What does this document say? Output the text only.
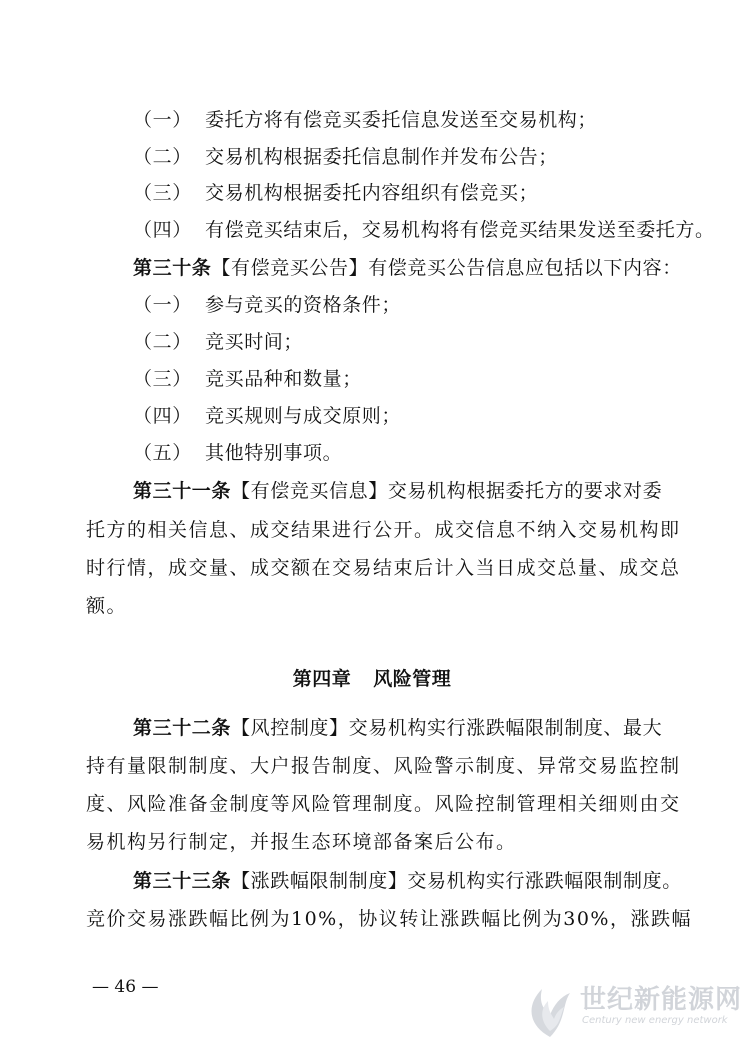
（一） 委托方将有偿竞买委托信息发送至交易机构；
（二） 交易机构根据委托信息制作并发布公告；
（三） 交易机构根据委托内容组织有偿竞买；
（四） 有偿竞买结束后，交易机构将有偿竞买结果发送至委托方。
第三十条【有偿竞买公告】有偿竞买公告信息应包括以下内容：
（一） 参与竞买的资格条件；
（二） 竞买时间；
（三） 竞买品种和数量；
（四） 竞买规则与成交原则；
（五） 其他特别事项。
第三十一条【有偿竞买信息】交易机构根据委托方的要求对委
托方的相关信息、成交结果进行公开。成交信息不纳入交易机构即
时行情，成交量、成交额在交易结束后计入当日成交总量、成交总
额。
第四章 风险管理
第三十二条【风控制度】交易机构实行涨跌幅限制制度、最大
持有量限制制度、大户报告制度、风险警示制度、异常交易监控制
度、风险准备金制度等风险管理制度。风险控制管理相关细则由交
易机构另行制定，并报生态环境部备案后公布。
第三十三条【涨跌幅限制制度】交易机构实行涨跌幅限制制度。
竞价交易涨跌幅比例为10%，协议转让涨跌幅比例为30%，涨跌幅
— 46 —	世纪新能源网
Century new energy network
